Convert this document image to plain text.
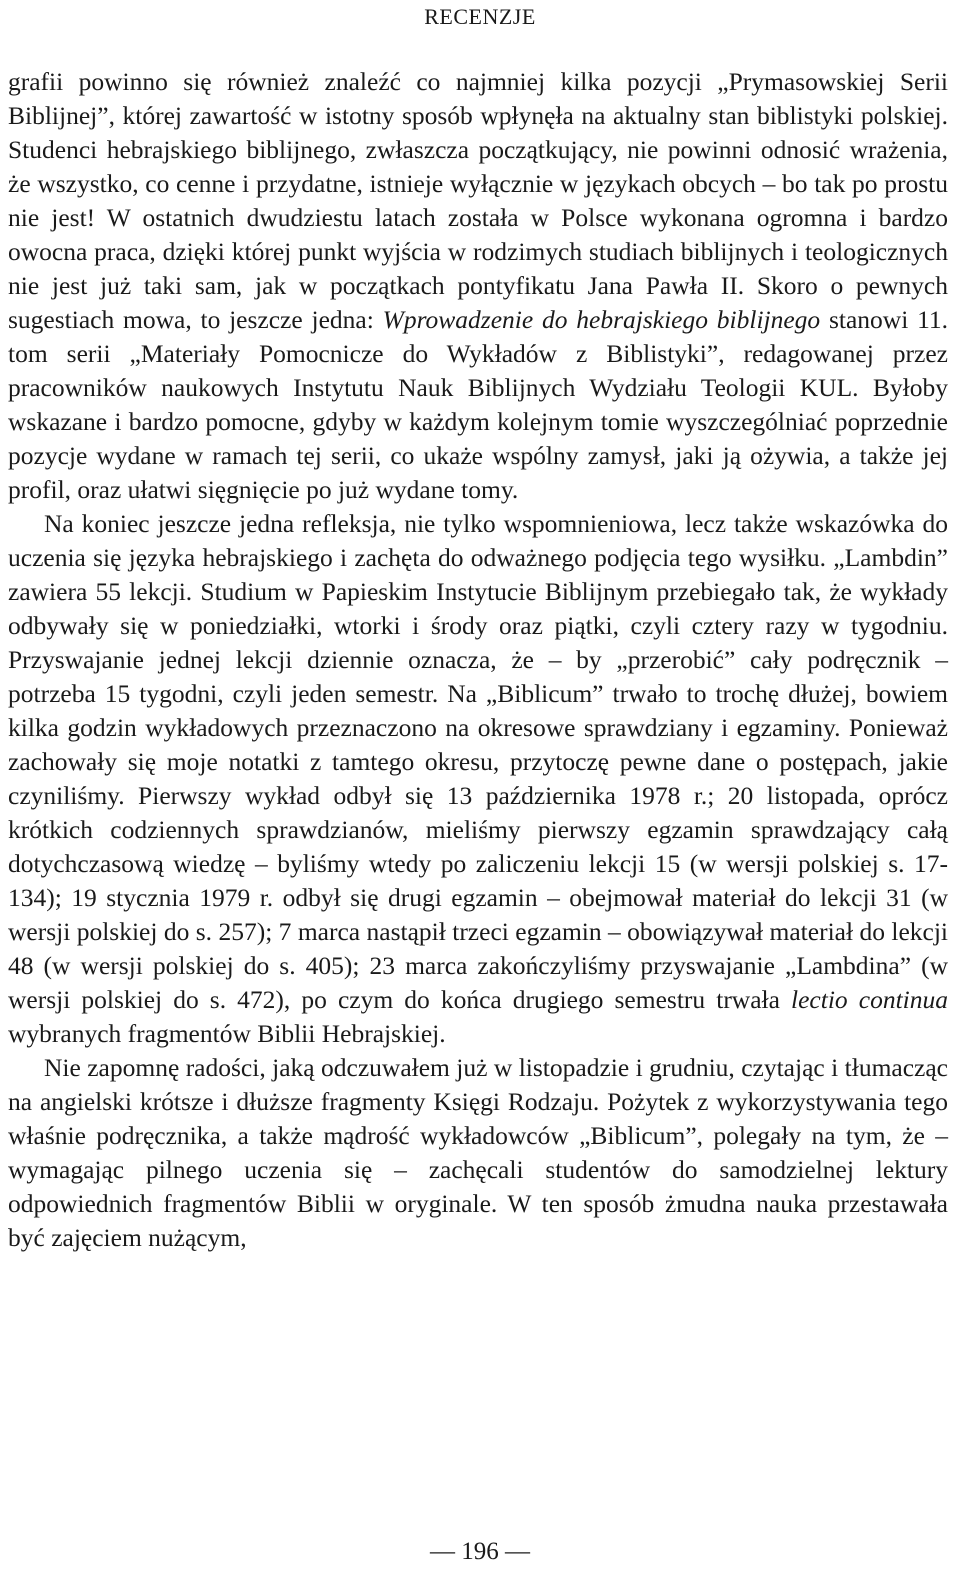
RECENZJE

grafii powinno się również znaleźć co najmniej kilka pozycji „Prymasowskiej Serii Biblijnej”, której zawartość w istotny sposób wpłynęła na aktualny stan biblistyki polskiej. Studenci hebrajskiego biblijnego, zwłaszcza początkujący, nie powinni odnosić wrażenia, że wszystko, co cenne i przydatne, istnieje wyłącznie w językach obcych – bo tak po prostu nie jest! W ostatnich dwudziestu latach została w Polsce wykonana ogromna i bardzo owocna praca, dzięki której punkt wyjścia w rodzimych studiach biblijnych i teologicznych nie jest już taki sam, jak w początkach pontyfikatu Jana Pawła II. Skoro o pewnych sugestiach mowa, to jeszcze jedna: Wprowadzenie do hebrajskiego biblijnego stanowi 11. tom serii „Materiały Pomocnicze do Wykładów z Biblistyki”, redagowanej przez pracowników naukowych Instytutu Nauk Biblijnych Wydziału Teologii KUL. Byłoby wskazane i bardzo pomocne, gdyby w każdym kolejnym tomie wyszczególniać poprzednie pozycje wydane w ramach tej serii, co ukaże wspólny zamysł, jaki ją ożywia, a także jej profil, oraz ułatwi sięgnięcie po już wydane tomy.

Na koniec jeszcze jedna refleksja, nie tylko wspomnieniowa, lecz także wskazówka do uczenia się języka hebrajskiego i zachęta do odważnego podjęcia tego wysiłku. „Lambdin” zawiera 55 lekcji. Studium w Papieskim Instytucie Biblijnym przebiegało tak, że wykłady odbywały się w poniedziałki, wtorki i środy oraz piątki, czyli cztery razy w tygodniu. Przyswajanie jednej lekcji dziennie oznacza, że – by „przerobić” cały podręcznik – potrzeba 15 tygodni, czyli jeden semestr. Na „Biblicum” trwało to trochę dłużej, bowiem kilka godzin wykładowych przeznaczono na okresowe sprawdziany i egzaminy. Ponieważ zachowały się moje notatki z tamtego okresu, przytoczę pewne dane o postępach, jakie czyniliśmy. Pierwszy wykład odbył się 13 października 1978 r.; 20 listopada, oprócz krótkich codziennych sprawdzianów, mieliśmy pierwszy egzamin sprawdzający całą dotychczasową wiedzę – byliśmy wtedy po zaliczeniu lekcji 15 (w wersji polskiej s. 17-134); 19 stycznia 1979 r. odbył się drugi egzamin – obejmował materiał do lekcji 31 (w wersji polskiej do s. 257); 7 marca nastąpił trzeci egzamin – obowiązywał materiał do lekcji 48 (w wersji polskiej do s. 405); 23 marca zakończyliśmy przyswajanie „Lambdina” (w wersji polskiej do s. 472), po czym do końca drugiego semestru trwała lectio continua wybranych fragmentów Biblii Hebrajskiej.

Nie zapomnę radości, jaką odczuwałem już w listopadzie i grudniu, czytając i tłumacząc na angielski krótsze i dłuższe fragmenty Księgi Rodzaju. Pożytek z wykorzystywania tego właśnie podręcznika, a także mądrość wykładowców „Biblicum”, polegały na tym, że – wymagając pilnego uczenia się – zachęcali studentów do samodzielnej lektury odpowiednich fragmentów Biblii w oryginale. W ten sposób żmudna nauka przestawała być zajęciem nużącym,

— 196 —
